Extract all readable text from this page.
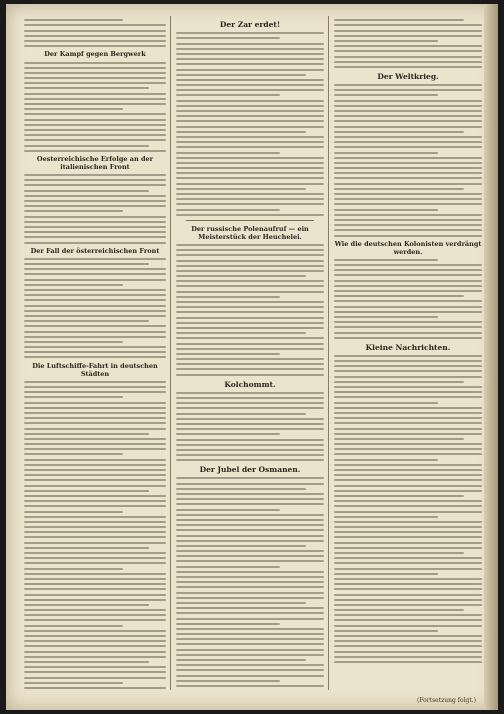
Der Kampf gegen Bergwerk
Oesterreichische Erfolge an der italienischen Front
Der Fall der österreichischen Front
Die Luftschiffe-Fahrt in deutschen Städten
Der Zar erdet!
Der russische Polenaufruf — ein Meisterstück der Heuchelei.
Kolchommt.
Der Jubel der Osmanen.
Der Weltkrieg.
Wie die deutschen Kolonisten verdrängt werden.
Kleine Nachrichten.
(Fortsetzung folgt.)
